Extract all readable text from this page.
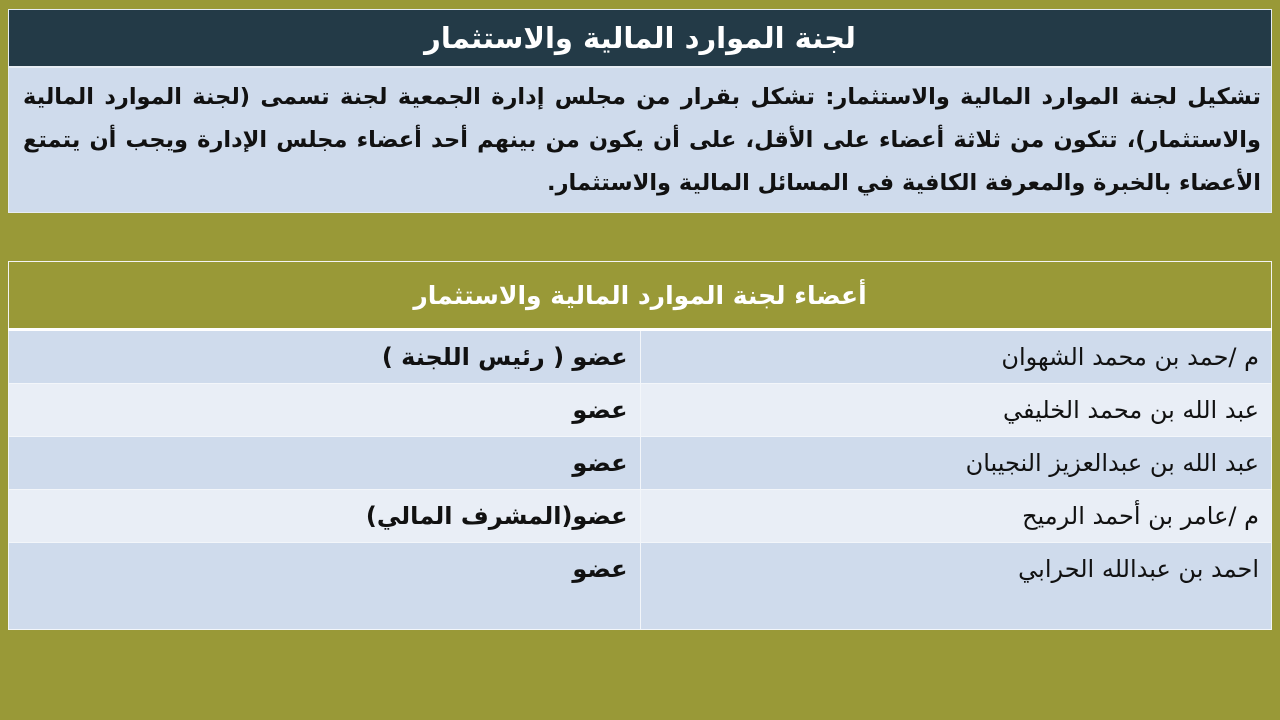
لجنة الموارد المالية والاستثمار

تشكيل لجنة الموارد المالية والاستثمار: تشكل بقرار من مجلس إدارة الجمعية لجنة تسمى (لجنة الموارد المالية والاستثمار)، تتكون من ثلاثة أعضاء على الأقل، على أن يكون من بينهم أحد أعضاء مجلس الإدارة ويجب أن يتمتع الأعضاء بالخبرة والمعرفة الكافية في المسائل المالية والاستثمار.

أعضاء لجنة الموارد المالية والاستثمار	
م /حمد بن محمد الشهوان	عضو ( رئيس اللجنة )
عبد الله بن محمد الخليفي	عضو
عبد الله بن عبدالعزيز النجيبان	عضو
م /عامر بن أحمد الرميح	عضو(المشرف المالي)
احمد بن عبدالله الحرابي	عضو
